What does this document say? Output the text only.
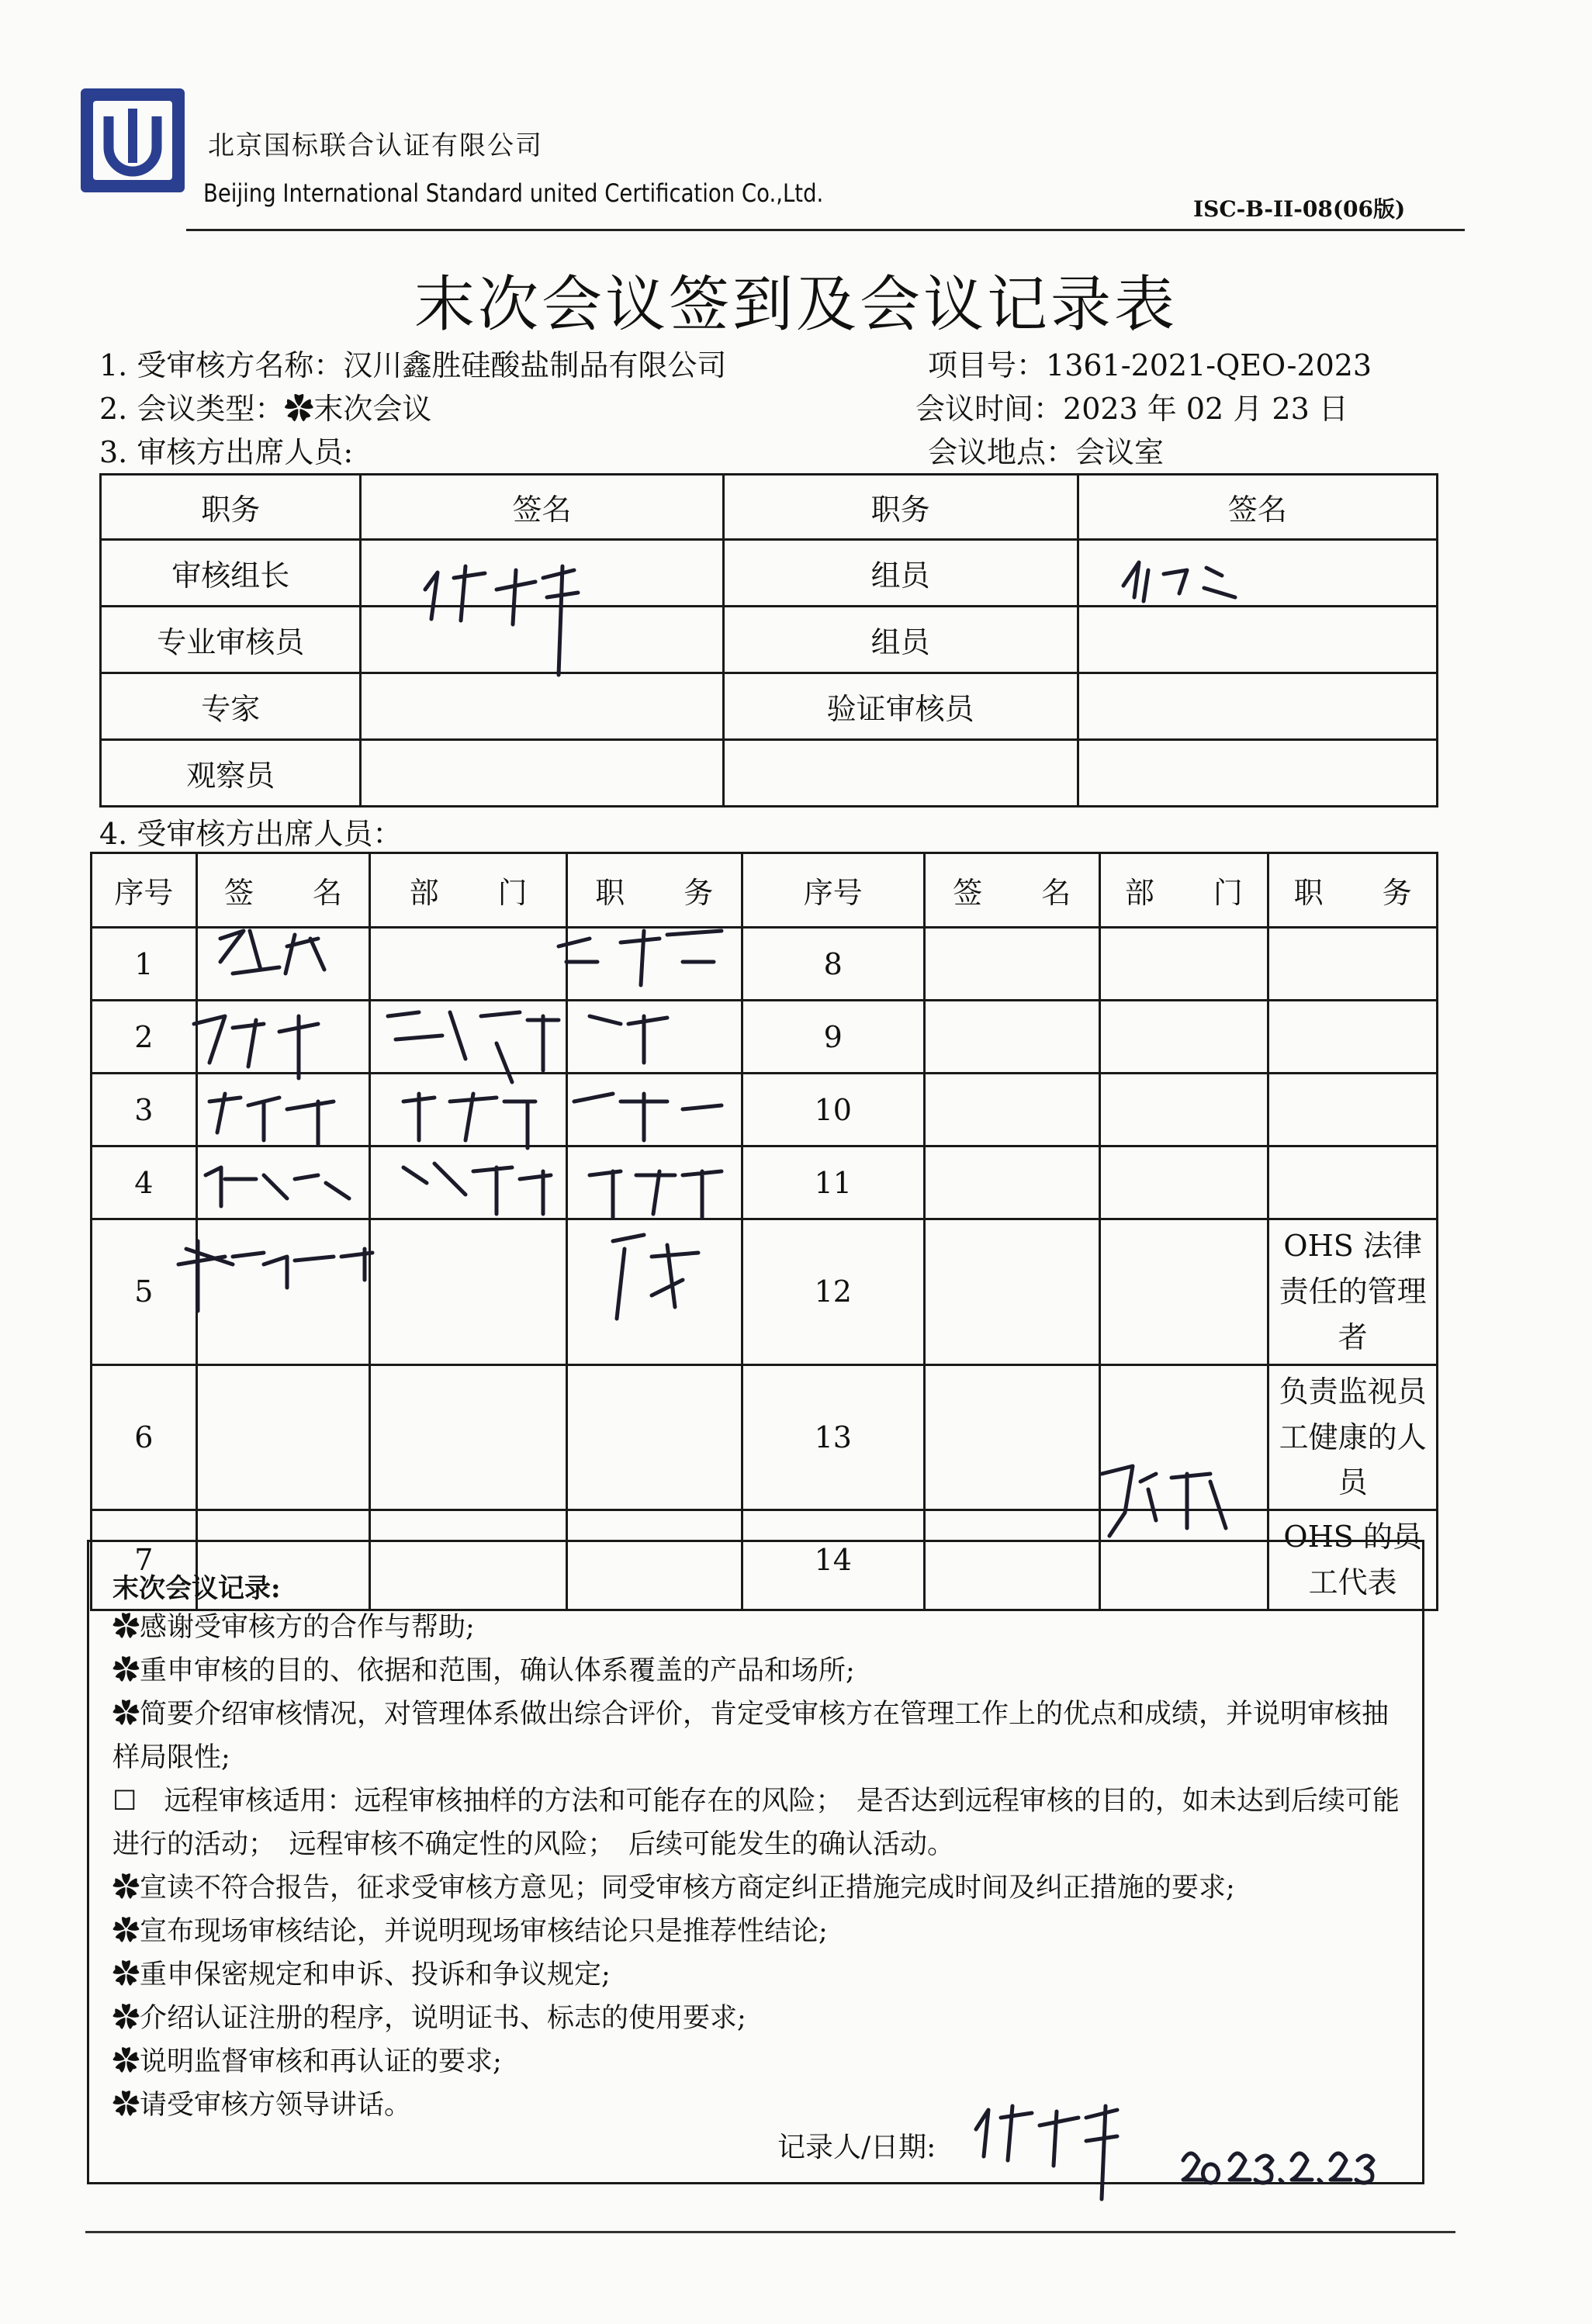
北京国标联合认证有限公司
Beijing International Standard united Certification Co.,Ltd.
ISC-B-II-08(06版)
末次会议签到及会议记录表
1. 受审核方名称：汉川鑫胜硅酸盐制品有限公司	项目号：1361-2021-QEO-2023
2. 会议类型：✿末次会议	会议时间：2023 年 02 月 23 日
3. 审核方出席人员:	会议地点：会议室
职务	签名	职务	签名
审核组长		组员	
专业审核员		组员	
专家		验证审核员	
观察员			
4. 受审核方出席人员：
序号	签　　名	部　　门	职　　务	序号	签　　名	部　　门	职　　务
1				8			
2				9			
3				10			
4				11			
5				12			OHS 法律责任的管理者
6				13			负责监视员工健康的人员
7				14			OHS 的员工代表
末次会议记录:
✿感谢受审核方的合作与帮助;
✿重申审核的目的、依据和范围，确认体系覆盖的产品和场所;
✿简要介绍审核情况，对管理体系做出综合评价，肯定受审核方在管理工作上的优点和成绩，并说明审核抽样局限性;
☐　远程审核适用：远程审核抽样的方法和可能存在的风险；　是否达到远程审核的目的，如未达到后续可能进行的活动；　远程审核不确定性的风险；　后续可能发生的确认活动。
✿宣读不符合报告，征求受审核方意见；同受审核方商定纠正措施完成时间及纠正措施的要求;
✿宣布现场审核结论，并说明现场审核结论只是推荐性结论;
✿重申保密规定和申诉、投诉和争议规定;
✿介绍认证注册的程序，说明证书、标志的使用要求;
✿说明监督审核和再认证的要求;
✿请受审核方领导讲话。
记录人/日期:
